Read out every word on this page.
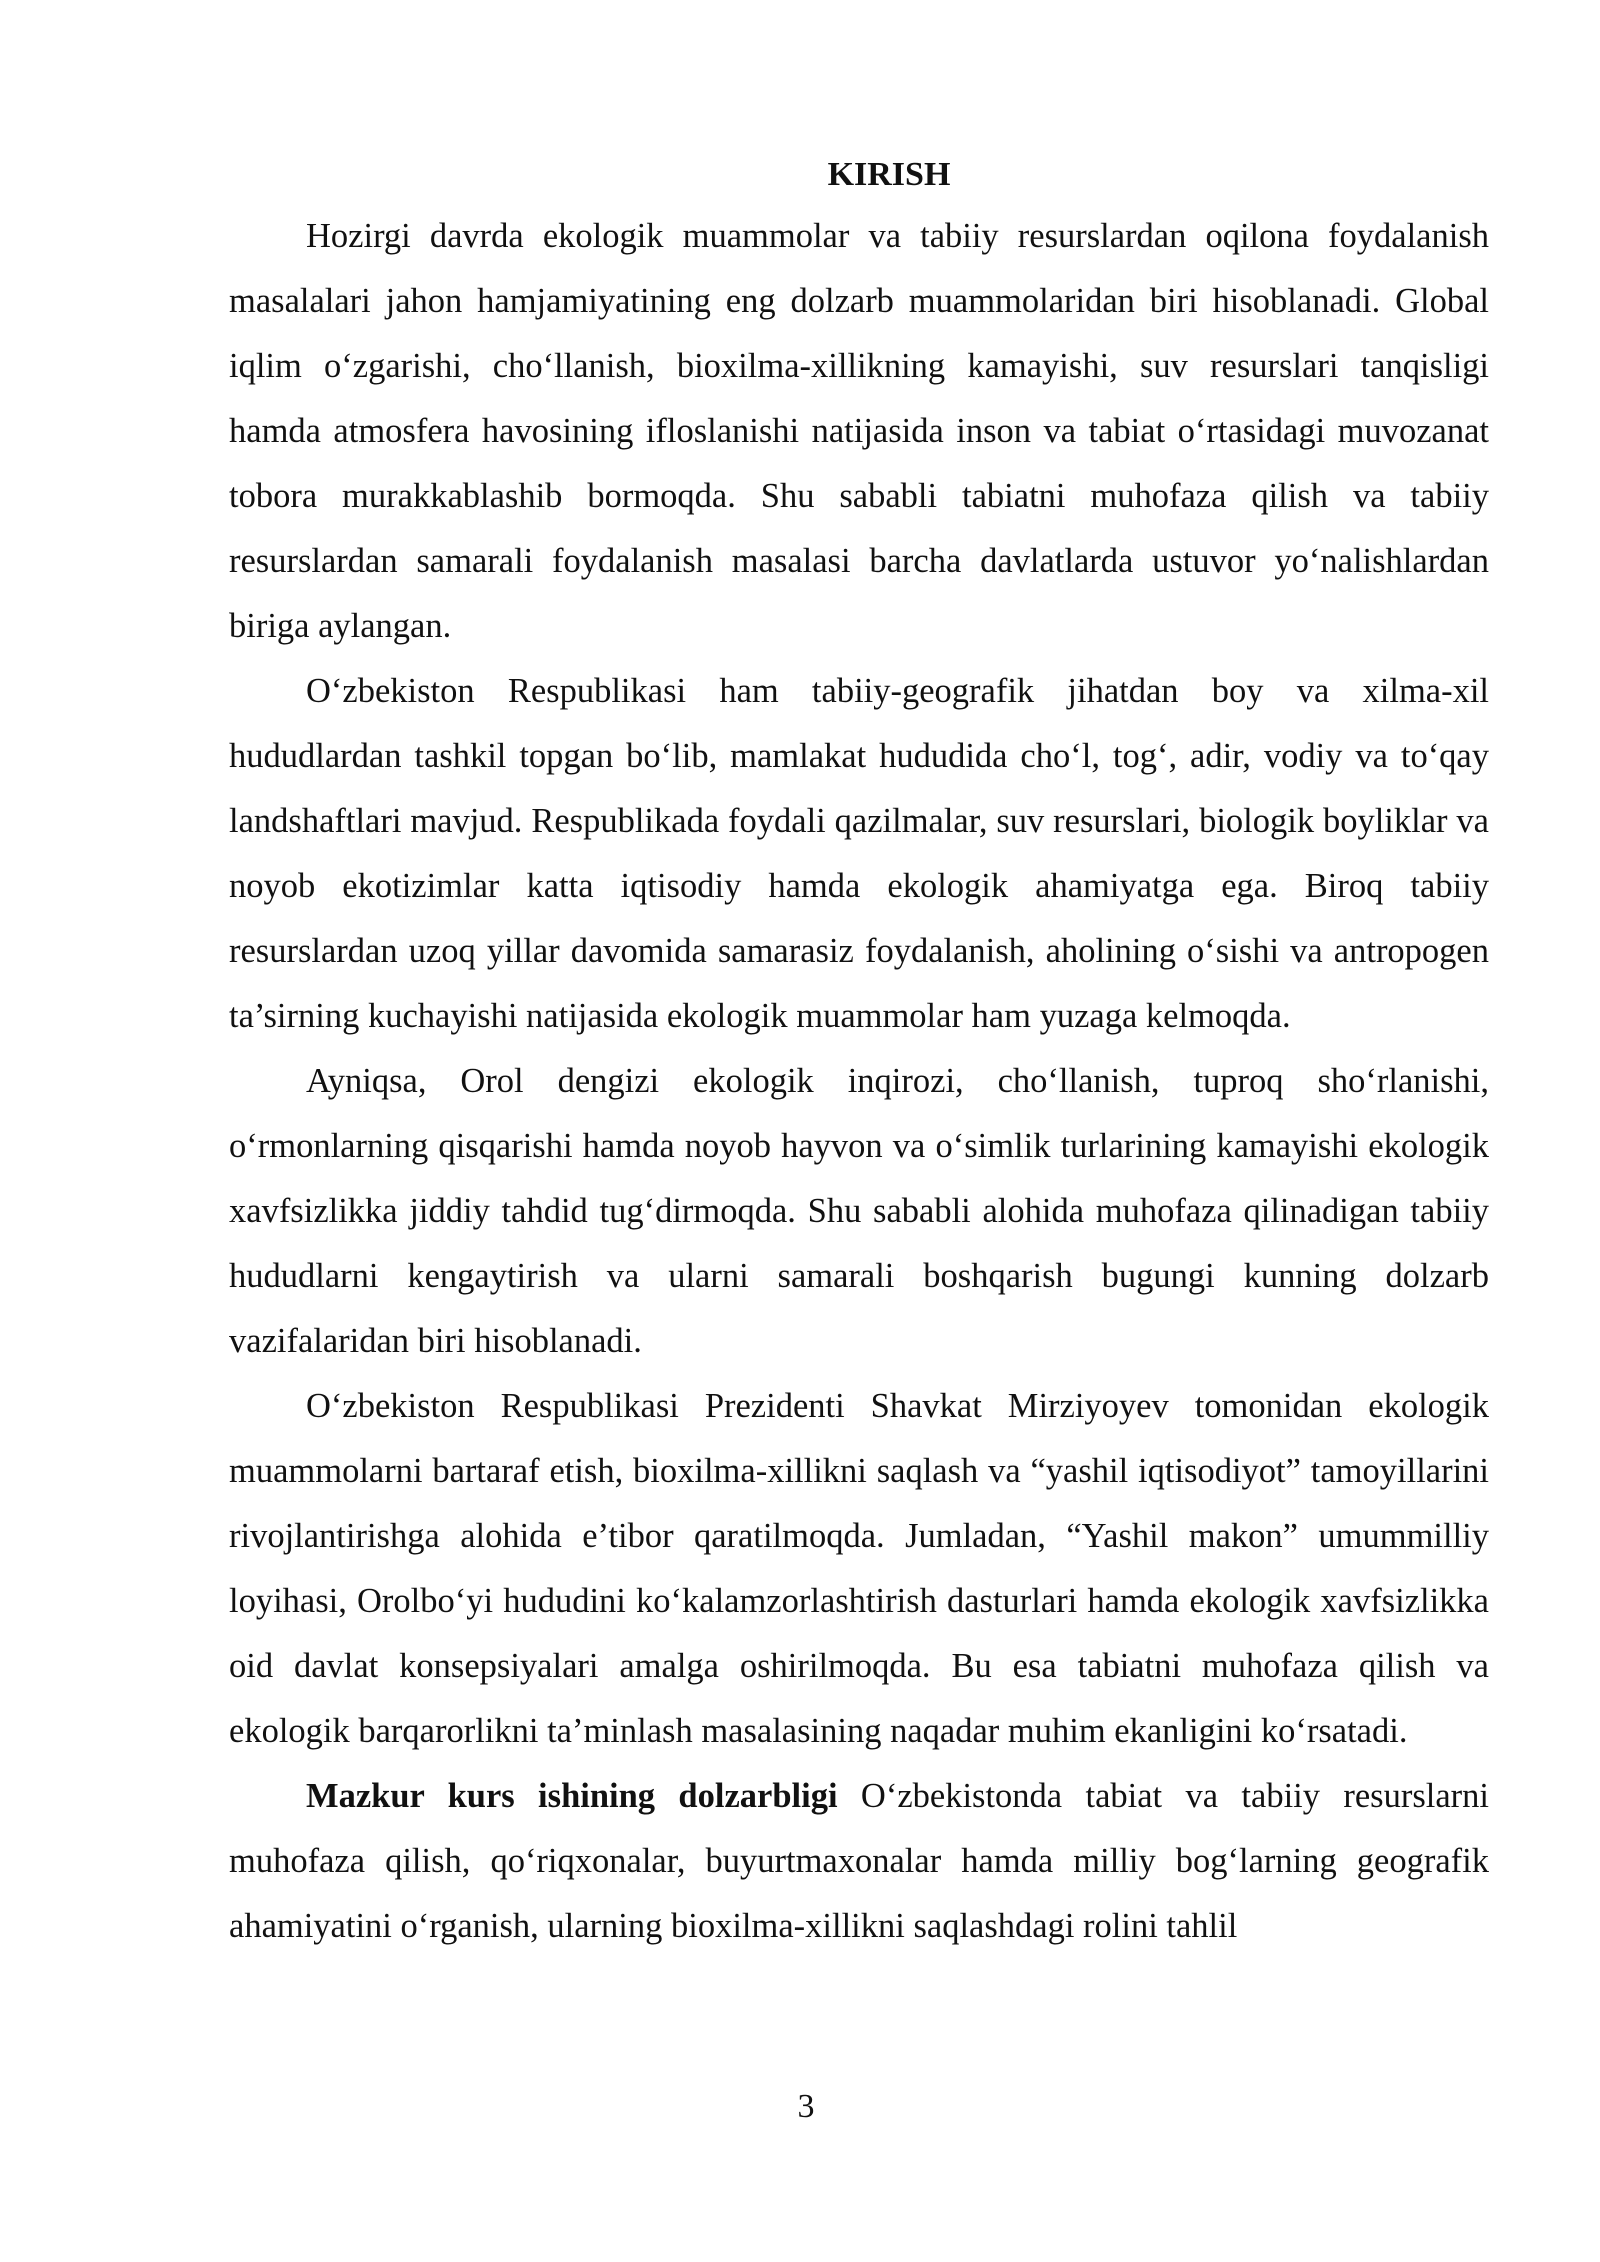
KIRISH

Hozirgi davrda ekologik muammolar va tabiiy resurslardan oqilona foydalanish masalalari jahon hamjamiyatining eng dolzarb muammolaridan biri hisoblanadi. Global iqlim o‘zgarishi, cho‘llanish, bioxilma-xillikning kamayishi, suv resurslari tanqisligi hamda atmosfera havosining ifloslanishi natijasida inson va tabiat o‘rtasidagi muvozanat tobora murakkablashib bormoqda. Shu sababli tabiatni muhofaza qilish va tabiiy resurslardan samarali foydalanish masalasi barcha davlatlarda ustuvor yo‘nalishlardan biriga aylangan.

O‘zbekiston Respublikasi ham tabiiy-geografik jihatdan boy va xilma-xil hududlardan tashkil topgan bo‘lib, mamlakat hududida cho‘l, tog‘, adir, vodiy va to‘qay landshaftlari mavjud. Respublikada foydali qazilmalar, suv resurslari, biologik boyliklar va noyob ekotizimlar katta iqtisodiy hamda ekologik ahamiyatga ega. Biroq tabiiy resurslardan uzoq yillar davomida samarasiz foydalanish, aholining o‘sishi va antropogen ta’sirning kuchayishi natijasida ekologik muammolar ham yuzaga kelmoqda.

Ayniqsa, Orol dengizi ekologik inqirozi, cho‘llanish, tuproq sho‘rlanishi, o‘rmonlarning qisqarishi hamda noyob hayvon va o‘simlik turlarining kamayishi ekologik xavfsizlikka jiddiy tahdid tug‘dirmoqda. Shu sababli alohida muhofaza qilinadigan tabiiy hududlarni kengaytirish va ularni samarali boshqarish bugungi kunning dolzarb vazifalaridan biri hisoblanadi.

O‘zbekiston Respublikasi Prezidenti Shavkat Mirziyoyev tomonidan ekologik muammolarni bartaraf etish, bioxilma-xillikni saqlash va “yashil iqtisodiyot” tamoyillarini rivojlantirishga alohida e’tibor qaratilmoqda. Jumladan, “Yashil makon” umummilliy loyihasi, Orolbo‘yi hududini ko‘kalamzorlashtirish dasturlari hamda ekologik xavfsizlikka oid davlat konsepsiyalari amalga oshirilmoqda. Bu esa tabiatni muhofaza qilish va ekologik barqarorlikni ta’minlash masalasining naqadar muhim ekanligini ko‘rsatadi.

Mazkur kurs ishining dolzarbligi O‘zbekistonda tabiat va tabiiy resurslarni muhofaza qilish, qo‘riqxonalar, buyurtmaxonalar hamda milliy bog‘larning geografik ahamiyatini o‘rganish, ularning bioxilma-xillikni saqlashdagi rolini tahlil

3
